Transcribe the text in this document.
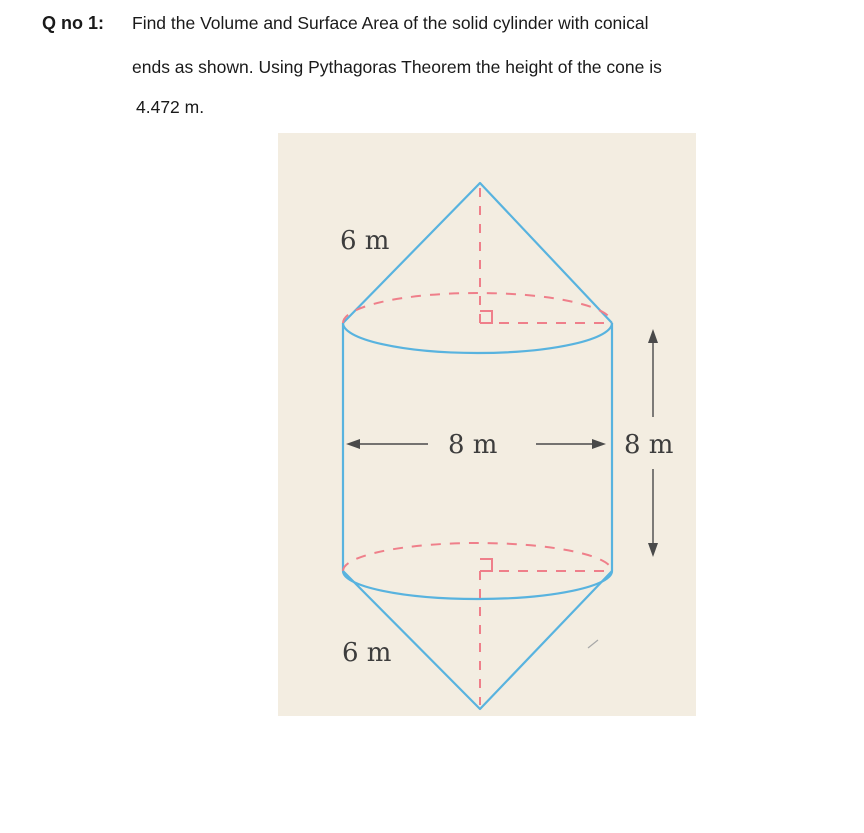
Q no 1: Find the Volume and Surface Area of the solid cylinder with conical
ends as shown. Using Pythagoras Theorem the height of the cone is
4.472 m.
6 m
8 m	8 m
6 m
